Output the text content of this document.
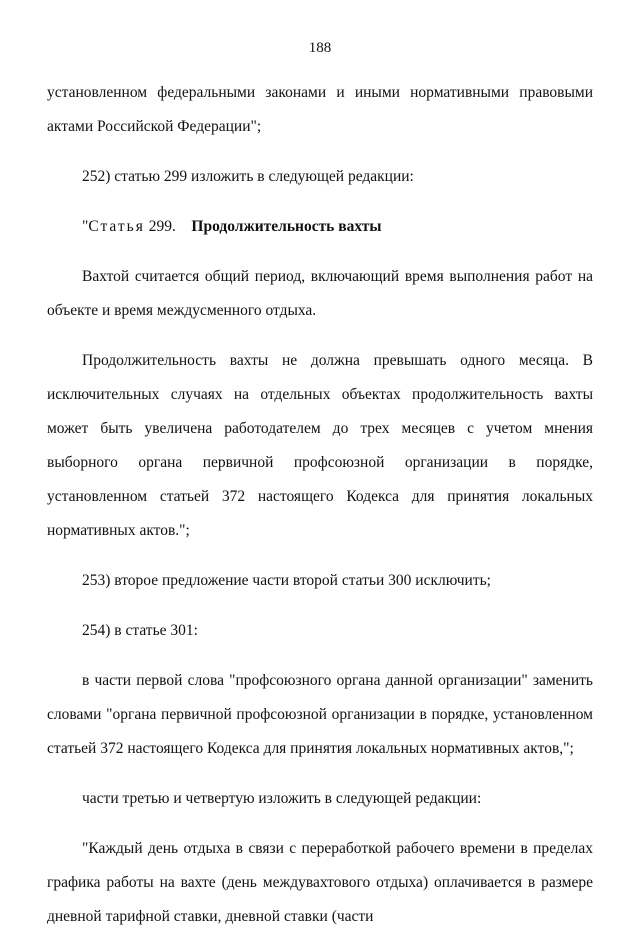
188

установленном федеральными законами и иными нормативными правовыми актами Российской Федерации";

252) статью 299 изложить в следующей редакции:

"Статья 299. Продолжительность вахты

Вахтой считается общий период, включающий время выполнения работ на объекте и время междусменного отдыха.

Продолжительность вахты не должна превышать одного месяца. В исключительных случаях на отдельных объектах продолжительность вахты может быть увеличена работодателем до трех месяцев с учетом мнения выборного органа первичной профсоюзной организации в порядке, установленном статьей 372 настоящего Кодекса для принятия локальных нормативных актов.";

253) второе предложение части второй статьи 300 исключить;

254) в статье 301:

в части первой слова "профсоюзного органа данной организации" заменить словами "органа первичной профсоюзной организации в порядке, установленном статьей 372 настоящего Кодекса для принятия локальных нормативных актов,";

части третью и четвертую изложить в следующей редакции:

"Каждый день отдыха в связи с переработкой рабочего времени в пределах графика работы на вахте (день междувахтового отдыха) оплачивается в размере дневной тарифной ставки, дневной ставки (части
